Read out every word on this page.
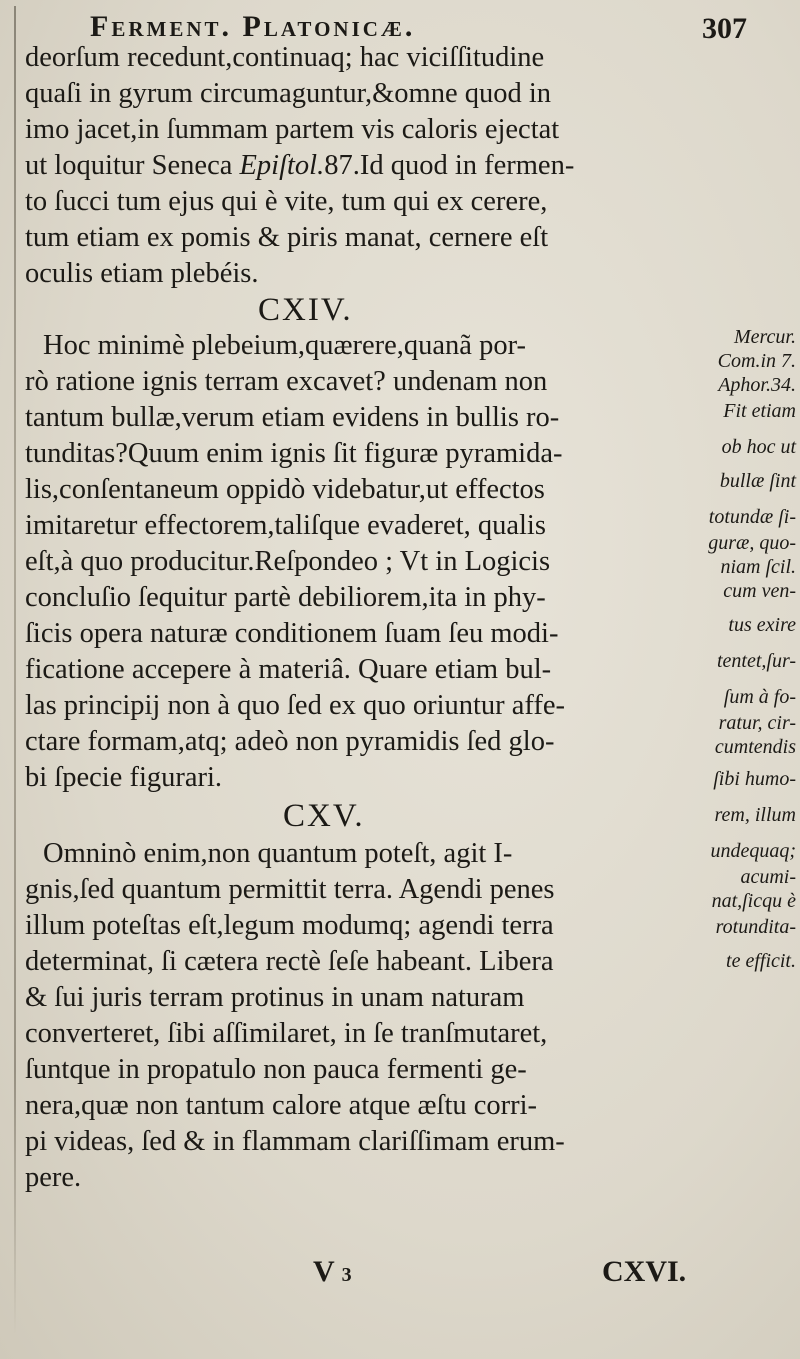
Ferment. Platonicæ.	307
deorſum recedunt,continuaq; hac viciſſitudine
quaſi in gyrum circumaguntur,&omne quod in
imo jacet,in ſummam partem vis caloris ejectat
ut loquitur Seneca Epiſtol.87.Id quod in fermen-
to ſucci tum ejus qui è vite, tum qui ex cerere,
tum etiam ex pomis & piris manat, cernere eſt
oculis etiam plebéis.
CXIV.
Hoc minimè plebeium,quærere,quanã por-
rò ratione ignis terram excavet? undenam non
tantum bullæ,verum etiam evidens in bullis ro-
tunditas?Quum enim ignis ſit figuræ pyramida-
lis,conſentaneum oppidò videbatur,ut effectos
imitaretur effectorem,taliſque evaderet, qualis
eſt,à quo producitur.Reſpondeo ; Vt in Logicis
concluſio ſequitur partè debiliorem,ita in phy-
ſicis opera naturæ conditionem ſuam ſeu modi-
ficatione accepere à materiâ. Quare etiam bul-
las principij non à quo ſed ex quo oriuntur affe-
ctare formam,atq; adeò non pyramidis ſed glo-
bi ſpecie figurari.
CXV.
Omninò enim,non quantum poteſt, agit I-
gnis,ſed quantum permittit terra. Agendi penes
illum poteſtas eſt,legum modumq; agendi terra
determinat, ſi cætera rectè ſeſe habeant. Libera
& ſui juris terram protinus in unam naturam
converteret, ſibi aſſimilaret, in ſe tranſmutaret,
ſuntque in propatulo non pauca fermenti ge-
nera,quæ non tantum calore atque æſtu corri-
pi videas, ſed & in flammam clariſſimam erum-
pere.
Mercur.
Com.in 7.
Aphor.34.
Fit etiam
ob hoc ut
bullæ ſint
totundæ ſi-
guræ, quo-
niam ſcil.
cum ven-
tus exire
tentet,ſur-
ſum à fo-
ratur, cir-
cumtendis
ſibi humo-
rem, illum
undequaq;
acumi-
nat,ſicqu è
rotundita-
te efficit.
V 3	CXVI.
